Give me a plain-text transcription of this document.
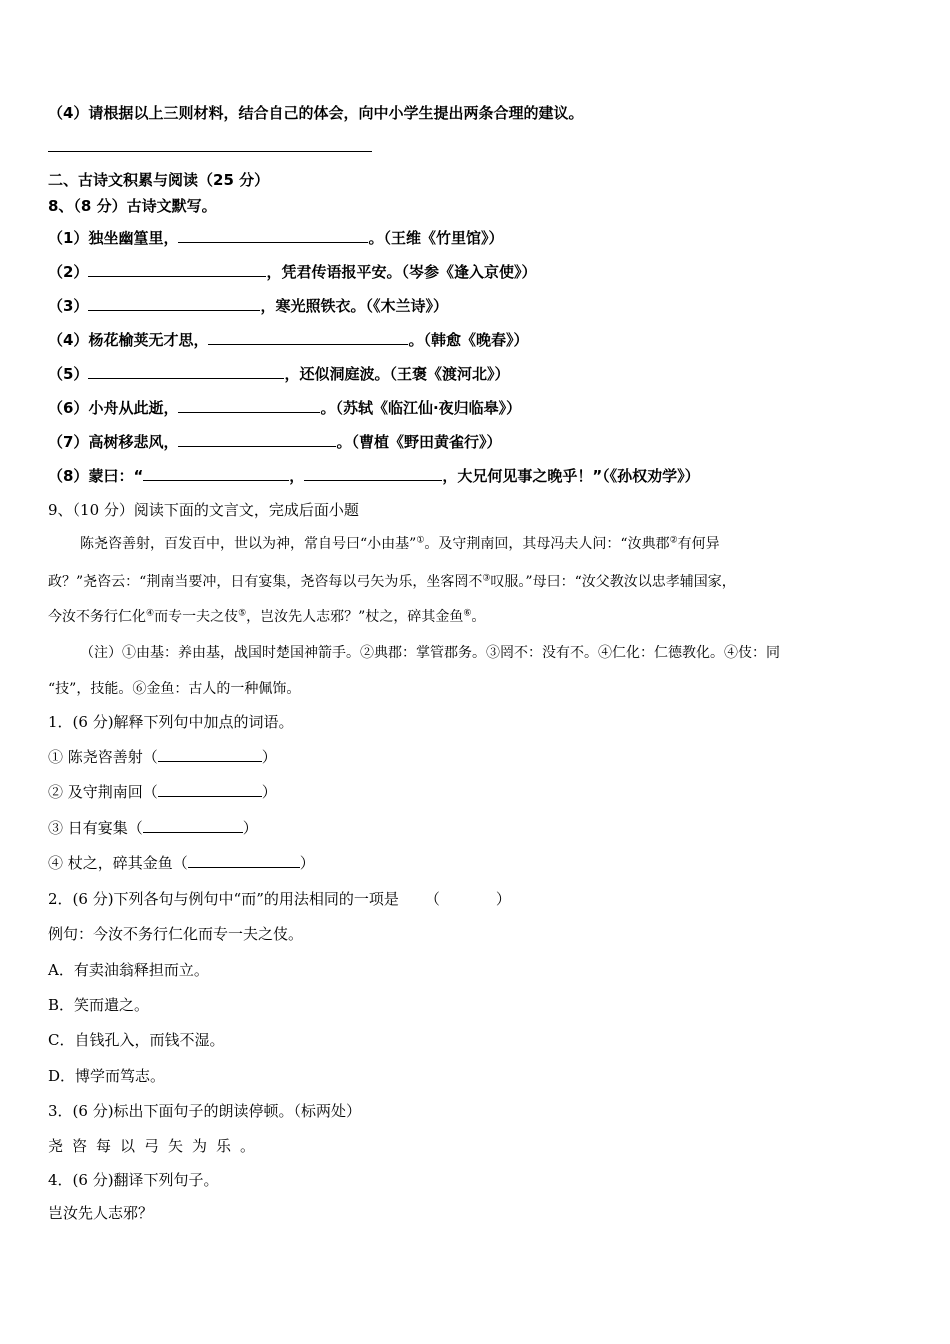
（4）请根据以上三则材料，结合自己的体会，向中小学生提出两条合理的建议。
二、古诗文积累与阅读（25 分）
8、（8 分）古诗文默写。
（1）独坐幽篁里，	。（王维《竹里馆》）
（2）	，凭君传语报平安。（岑参《逢入京使》）
（3）	，寒光照铁衣。（《木兰诗》）
（4）杨花榆荚无才思，	。（韩愈《晚春》）
（5）	，还似洞庭波。（王褒《渡河北》）
（6）小舟从此逝，	。（苏轼《临江仙·夜归临皋》）
（7）高树移悲风，	。（曹植《野田黄雀行》）
（8）蒙曰：“	，	，大兄何见事之晚乎！”（《孙权劝学》）
9、（10 分）阅读下面的文言文，完成后面小题
陈尧咨善射，百发百中，世以为神，常自号曰“小由基”①。及守荆南回，其母冯夫人问：“汝典郡②有何异
政？”尧咨云：“荆南当要冲，日有宴集，尧咨每以弓矢为乐，坐客罔不③叹服。”母曰：“汝父教汝以忠孝辅国家，
今汝不务行仁化④而专一夫之伎⑤，岂汝先人志邪？”杖之，碎其金鱼⑥。
（注）①由基：养由基，战国时楚国神箭手。②典郡：掌管郡务。③罔不：没有不。④仁化：仁德教化。④伎：同
“技”，技能。⑥金鱼：古人的一种佩饰。
1．(6 分)解释下列句中加点的词语。
① 陈尧咨善射（	）
② 及守荆南回（	）
③ 日有宴集（	）
④ 杖之，碎其金鱼（	）
2．(6 分)下列各句与例句中“而”的用法相同的一项是 （	）
例句：今汝不务行仁化而专一夫之伎。
A．有卖油翁释担而立。
B．笑而遣之。
C．自钱孔入，而钱不湿。
D．博学而笃志。
3．(6 分)标出下面句子的朗读停顿。（标两处）
尧咨每以弓矢为乐。
4．(6 分)翻译下列句子。
岂汝先人志邪？
